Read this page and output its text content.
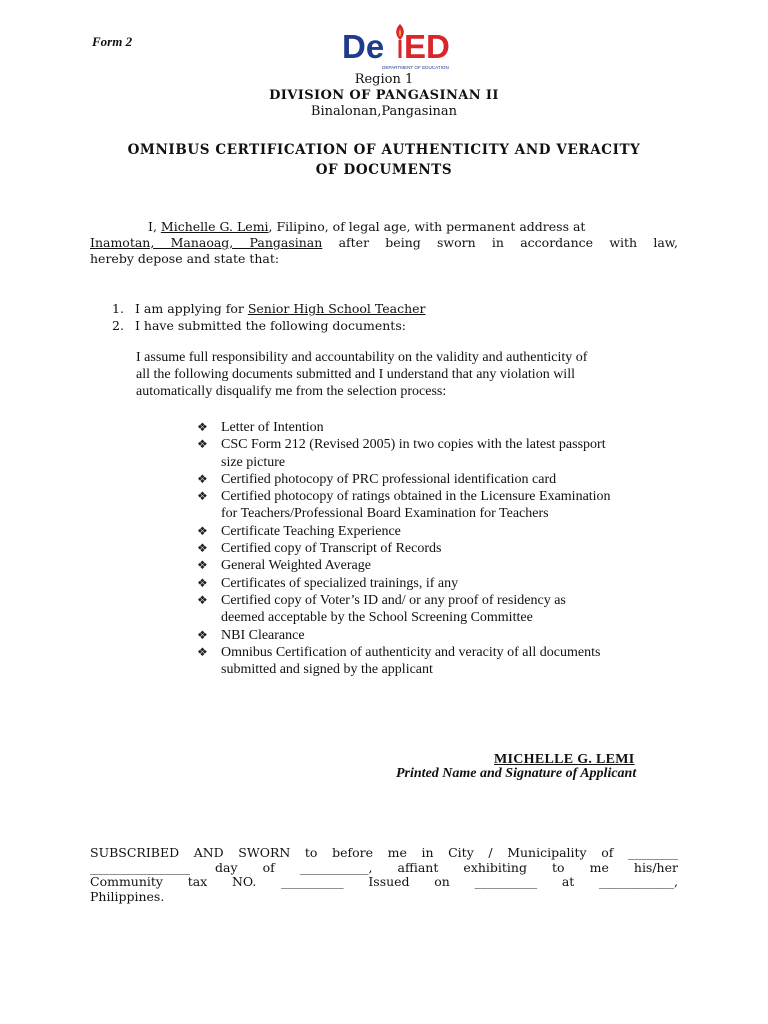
Form 2	De ED
DEPARTMENT OF EDUCATION
Region 1
DIVISION OF PANGASINAN II
Binalonan,Pangasinan
OMNIBUS CERTIFICATION OF AUTHENTICITY AND VERACITY
OF DOCUMENTS
I, Michelle G. Lemi, Filipino, of legal age, with permanent address at
Inamotan, Manaoag, Pangasinan after being sworn in accordance with law,
hereby depose and state that:
1. I am applying for Senior High School Teacher
2. I have submitted the following documents:
I assume full responsibility and accountability on the validity and authenticity of
all the following documents submitted and I understand that any violation will
automatically disqualify me from the selection process:
❖ Letter of Intention
❖ CSC Form 212 (Revised 2005) in two copies with the latest passport
size picture
❖ Certified photocopy of PRC professional identification card
❖ Certified photocopy of ratings obtained in the Licensure Examination
for Teachers/Professional Board Examination for Teachers
❖ Certificate Teaching Experience
❖ Certified copy of Transcript of Records
❖ General Weighted Average
❖ Certificates of specialized trainings, if any
❖ Certified copy of Voter’s ID and/ or any proof of residency as
deemed acceptable by the School Screening Committee
❖ NBI Clearance
❖ Omnibus Certification of authenticity and veracity of all documents
submitted and signed by the applicant
MICHELLE G. LEMI
Printed Name and Signature of Applicant
SUBSCRIBED AND SWORN to before me in City / Municipality of ________
________________ day of ___________, affiant exhibiting to me his/her
Community tax NO. __________ Issued on __________ at ____________,
Philippines.
